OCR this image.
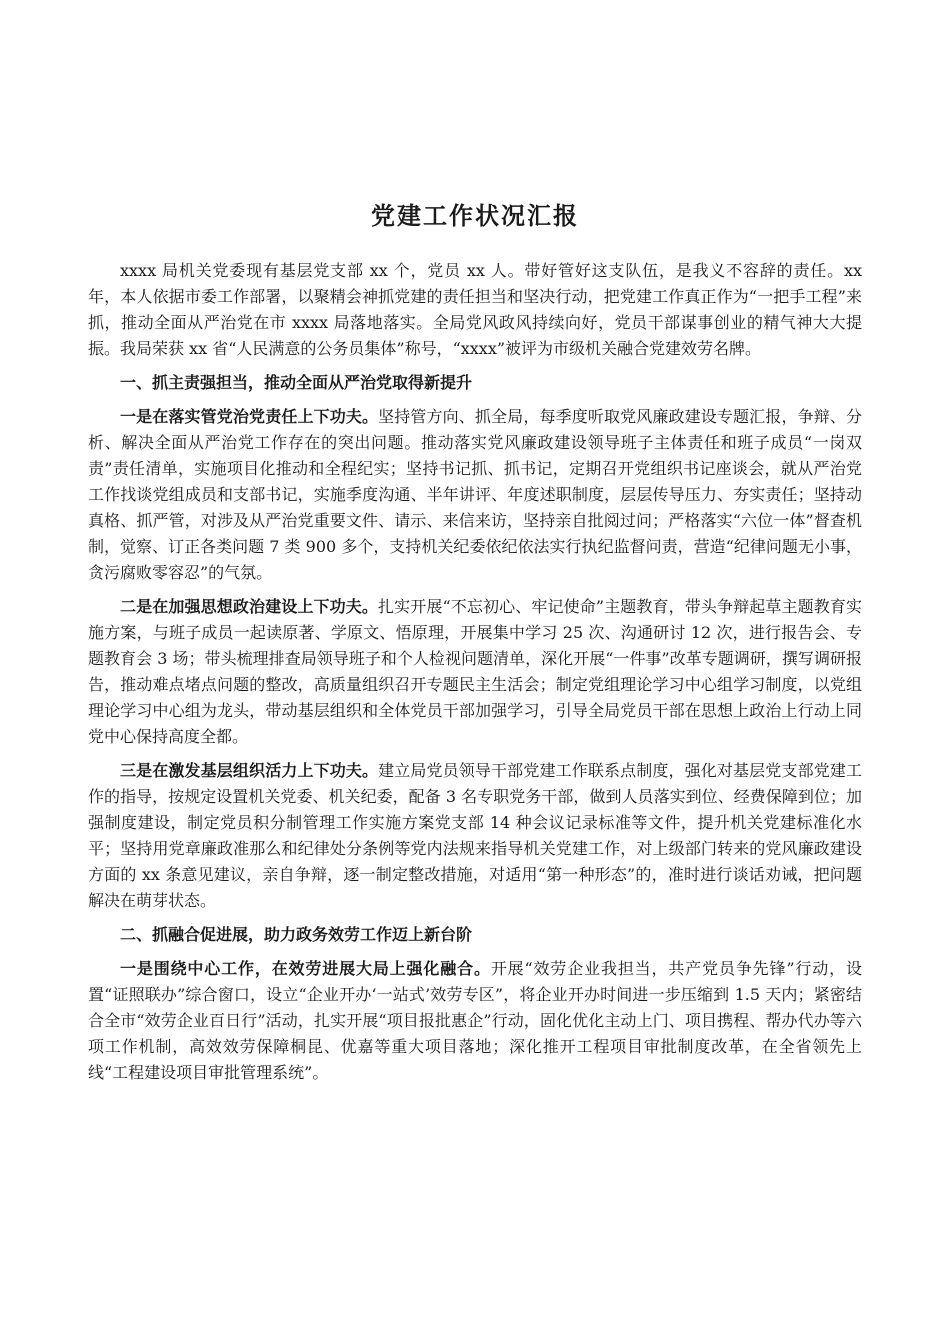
党建工作状况汇报

xxxx 局机关党委现有基层党支部 xx 个，党员 xx 人。带好管好这支队伍，是我义不容辞的责任。xx 年，本人依据市委工作部署，以聚精会神抓党建的责任担当和坚决行动，把党建工作真正作为“一把手工程”来抓，推动全面从严治党在市 xxxx 局落地落实。全局党风政风持续向好，党员干部谋事创业的精气神大大提振。我局荣获 xx 省“人民满意的公务员集体”称号，“xxxx”被评为市级机关融合党建效劳名牌。

一、抓主责强担当，推动全面从严治党取得新提升

一是在落实管党治党责任上下功夫。坚持管方向、抓全局，每季度听取党风廉政建设专题汇报，争辩、分析、解决全面从严治党工作存在的突出问题。推动落实党风廉政建设领导班子主体责任和班子成员“一岗双责”责任清单，实施项目化推动和全程纪实；坚持书记抓、抓书记，定期召开党组织书记座谈会，就从严治党工作找谈党组成员和支部书记，实施季度沟通、半年讲评、年度述职制度，层层传导压力、夯实责任；坚持动真格、抓严管，对涉及从严治党重要文件、请示、来信来访，坚持亲自批阅过问；严格落实“六位一体”督查机制，觉察、订正各类问题 7 类 900 多个，支持机关纪委依纪依法实行执纪监督问责，营造“纪律问题无小事，贪污腐败零容忍”的气氛。

二是在加强思想政治建设上下功夫。扎实开展“不忘初心、牢记使命”主题教育，带头争辩起草主题教育实施方案，与班子成员一起读原著、学原文、悟原理，开展集中学习 25 次、沟通研讨 12 次，进行报告会、专题教育会 3 场；带头梳理排查局领导班子和个人检视问题清单，深化开展“一件事”改革专题调研，撰写调研报告，推动难点堵点问题的整改，高质量组织召开专题民主生活会；制定党组理论学习中心组学习制度，以党组理论学习中心组为龙头，带动基层组织和全体党员干部加强学习，引导全局党员干部在思想上政治上行动上同党中心保持高度全都。

三是在激发基层组织活力上下功夫。建立局党员领导干部党建工作联系点制度，强化对基层党支部党建工作的指导，按规定设置机关党委、机关纪委，配备 3 名专职党务干部，做到人员落实到位、经费保障到位；加强制度建设，制定党员积分制管理工作实施方案党支部 14 种会议记录标准等文件，提升机关党建标准化水平；坚持用党章廉政准那么和纪律处分条例等党内法规来指导机关党建工作，对上级部门转来的党风廉政建设方面的 xx 条意见建议，亲自争辩，逐一制定整改措施，对适用“第一种形态”的，准时进行谈话劝诫，把问题解决在萌芽状态。

二、抓融合促进展，助力政务效劳工作迈上新台阶

一是围绕中心工作，在效劳进展大局上强化融合。开展“效劳企业我担当，共产党员争先锋”行动，设置“证照联办”综合窗口，设立“企业开办‘一站式’效劳专区”，将企业开办时间进一步压缩到 1.5 天内；紧密结合全市“效劳企业百日行”活动，扎实开展“项目报批惠企”行动，固化优化主动上门、项目携程、帮办代办等六项工作机制，高效效劳保障桐昆、优嘉等重大项目落地；深化推开工程项目审批制度改革，在全省领先上线“工程建设项目审批管理系统”。
